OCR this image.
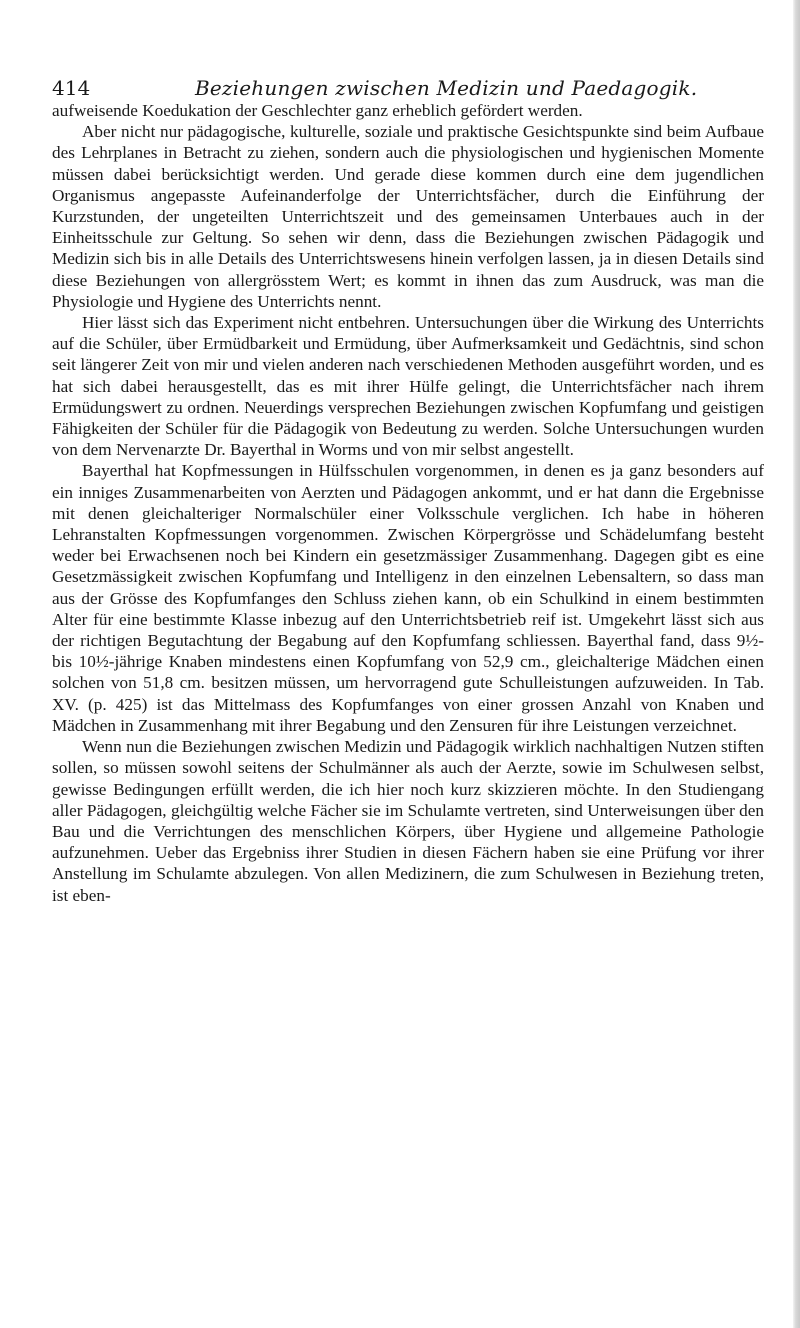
414	Beziehungen zwischen Medizin und Paedagogik.

aufweisende Koedukation der Geschlechter ganz erheblich gefördert werden.

Aber nicht nur pädagogische, kulturelle, soziale und praktische Gesichtspunkte sind beim Aufbaue des Lehrplanes in Betracht zu ziehen, sondern auch die physiologischen und hygienischen Momente müssen dabei berücksichtigt werden. Und gerade diese kommen durch eine dem jugendlichen Organismus angepasste Aufeinanderfolge der Unterrichtsfächer, durch die Einführung der Kurzstunden, der ungeteilten Unterrichtszeit und des gemeinsamen Unterbaues auch in der Einheitsschule zur Geltung. So sehen wir denn, dass die Beziehungen zwischen Pädagogik und Medizin sich bis in alle Details des Unterrichtswesens hinein verfolgen lassen, ja in diesen Details sind diese Beziehungen von allergrösstem Wert; es kommt in ihnen das zum Ausdruck, was man die Physiologie und Hygiene des Unterrichts nennt.

Hier lässt sich das Experiment nicht entbehren. Untersuchungen über die Wirkung des Unterrichts auf die Schüler, über Ermüdbarkeit und Ermüdung, über Aufmerksamkeit und Gedächtnis, sind schon seit längerer Zeit von mir und vielen anderen nach verschiedenen Methoden ausgeführt worden, und es hat sich dabei herausgestellt, das es mit ihrer Hülfe gelingt, die Unterrichtsfächer nach ihrem Ermüdungswert zu ordnen. Neuerdings versprechen Beziehungen zwischen Kopfumfang und geistigen Fähigkeiten der Schüler für die Pädagogik von Bedeutung zu werden. Solche Untersuchungen wurden von dem Nervenarzte Dr. Bayerthal in Worms und von mir selbst angestellt.

Bayerthal hat Kopfmessungen in Hülfsschulen vorgenommen, in denen es ja ganz besonders auf ein inniges Zusammenarbeiten von Aerzten und Pädagogen ankommt, und er hat dann die Ergebnisse mit denen gleichalteriger Normalschüler einer Volksschule verglichen. Ich habe in höheren Lehranstalten Kopfmessungen vorgenommen. Zwischen Körpergrösse und Schädelumfang besteht weder bei Erwachsenen noch bei Kindern ein gesetzmässiger Zusammenhang. Dagegen gibt es eine Gesetzmässigkeit zwischen Kopfumfang und Intelligenz in den einzelnen Lebensaltern, so dass man aus der Grösse des Kopfumfanges den Schluss ziehen kann, ob ein Schulkind in einem bestimmten Alter für eine bestimmte Klasse inbezug auf den Unterrichtsbetrieb reif ist. Umgekehrt lässt sich aus der richtigen Begutachtung der Begabung auf den Kopfumfang schliessen. Bayerthal fand, dass 9½- bis 10½-jährige Knaben mindestens einen Kopfumfang von 52,9 cm., gleichalterige Mädchen einen solchen von 51,8 cm. besitzen müssen, um hervorragend gute Schulleistungen aufzuweiden. In Tab. XV. (p. 425) ist das Mittelmass des Kopfumfanges von einer grossen Anzahl von Knaben und Mädchen in Zusammenhang mit ihrer Begabung und den Zensuren für ihre Leistungen verzeichnet.

Wenn nun die Beziehungen zwischen Medizin und Pädagogik wirklich nachhaltigen Nutzen stiften sollen, so müssen sowohl seitens der Schulmänner als auch der Aerzte, sowie im Schulwesen selbst, gewisse Bedingungen erfüllt werden, die ich hier noch kurz skizzieren möchte. In den Studiengang aller Pädagogen, gleichgültig welche Fächer sie im Schulamte vertreten, sind Unterweisungen über den Bau und die Verrichtungen des menschlichen Körpers, über Hygiene und allgemeine Pathologie aufzunehmen. Ueber das Ergebniss ihrer Studien in diesen Fächern haben sie eine Prüfung vor ihrer Anstellung im Schulamte abzulegen. Von allen Medizinern, die zum Schulwesen in Beziehung treten, ist eben-
